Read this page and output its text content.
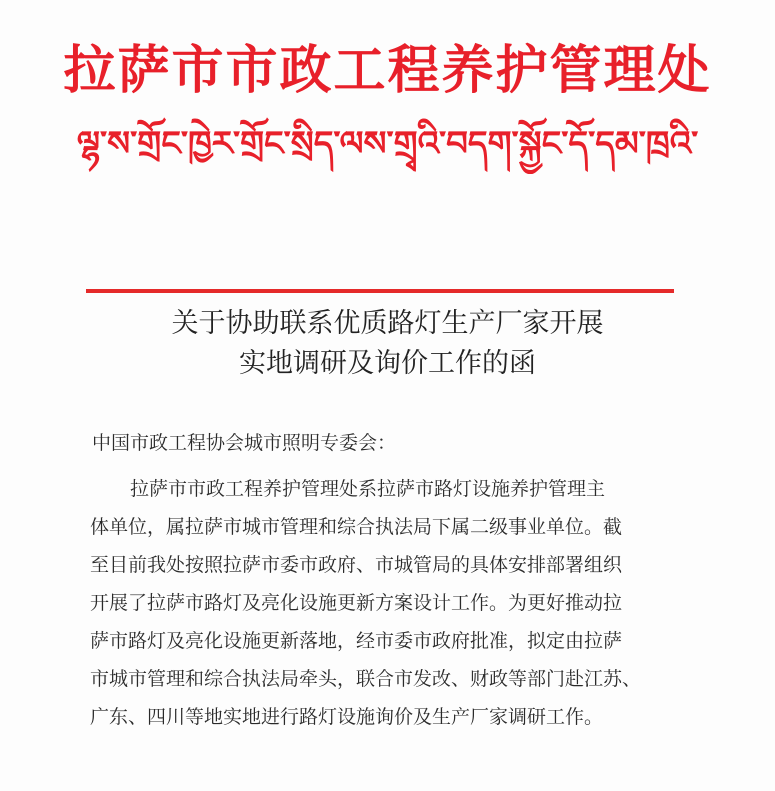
拉萨市市政工程养护管理处
ལྷ་ས་གྲོང་ཁྱེར་གྲོང་སྲིད་ལས་གྲྭའི་བདག་སྐྱོང་དོ་དམ་ཁྲའི་
关于协助联系优质路灯生产厂家开展
实地调研及询价工作的函
中国市政工程协会城市照明专委会：
拉萨市市政工程养护管理处系拉萨市路灯设施养护管理主
体单位，属拉萨市城市管理和综合执法局下属二级事业单位。截
至目前我处按照拉萨市委市政府、市城管局的具体安排部署组织
开展了拉萨市路灯及亮化设施更新方案设计工作。为更好推动拉
萨市路灯及亮化设施更新落地，经市委市政府批准，拟定由拉萨
市城市管理和综合执法局牵头，联合市发改、财政等部门赴江苏、
广东、四川等地实地进行路灯设施询价及生产厂家调研工作。
